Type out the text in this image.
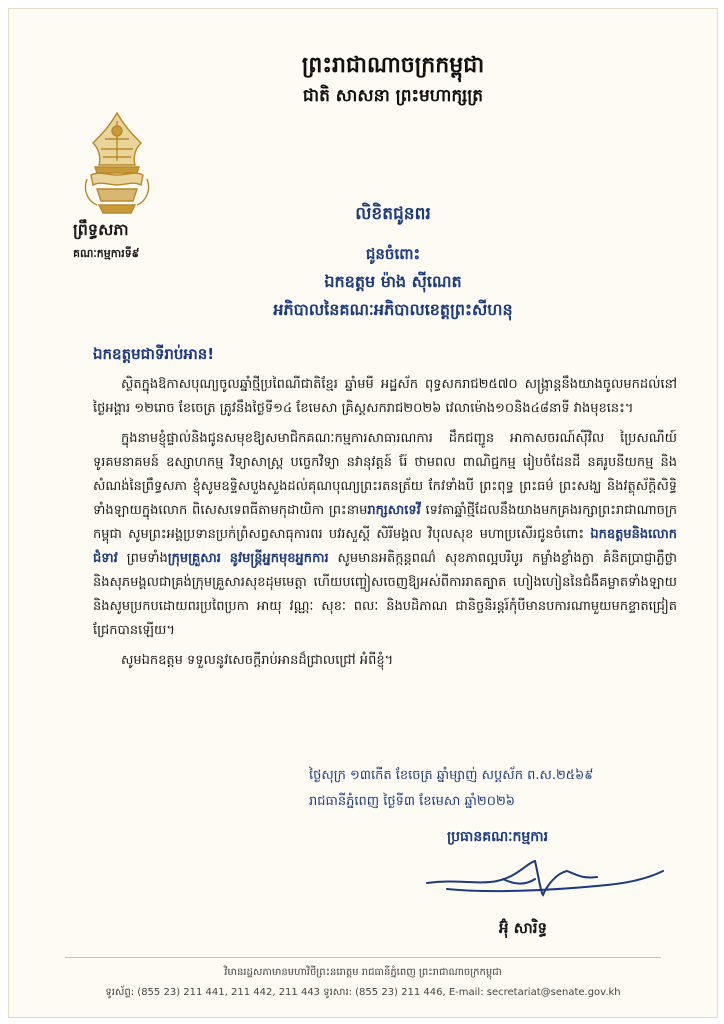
ព្រះរាជាណាចក្រកម្ពុជា
ជាតិ សាសនា ព្រះមហាក្សត្រ
ព្រឹទ្ធសភា
គណៈកម្មការទី៩
លិខិតជូនពរ
ជូនចំពោះ
ឯកឧត្តម ម៉ាង ស៊ីណេត
អភិបាលនៃគណៈអភិបាលខេត្តព្រះសីហនុ
ឯកឧត្តមជាទីរាប់អាន!

ស្ថិតក្នុងឱកាសបុណ្យចូលឆ្នាំថ្មីប្រពៃណីជាតិខ្មែរ ឆ្នាំមមី អដ្ឋស័ក ពុទ្ធសករាជ២៥៧០ សង្ក្រាន្តនឹងយាងចូលមកដល់នៅថ្ងៃអង្គារ ១២រោច ខែចេត្រ ត្រូវនឹងថ្ងៃទី១៤ ខែមេសា គ្រិស្តសករាជ២០២៦ វេលាម៉ោង១០និង៤៨នាទី វាងមុខនេះ។

ក្នុងនាមខ្ញុំផ្ទាល់និងជូនសមុខឱ្យសមាជិកគណៈកម្មការសាធារណការ ដឹកជញ្ជូន អាកាសចរណ៍ស៊ីវិល ប្រៃសណីយ៍ ទូរគមនាគមន៍ ឧស្សាហកម្ម វិទ្យាសាស្ត្រ បច្ចេកវិទ្យា នវានុវត្តន៍ រ៉ែ ថាមពល ពាណិជ្ជកម្ម រៀបចំដែនដី នគរូបនីយកម្ម និងសំណង់នៃព្រឹទ្ធសភា ខ្ញុំសូមឧទ្ទិសបួងសួងដល់គុណបុណ្យព្រះរតនត្រ័យ កែវទាំងបី ព្រះពុទ្ធ ព្រះធម៌ ព្រះសង្ឃ និងវត្ថុស័ក្តិសិទ្ធិទាំងឡាយក្នុងលោក ពិសេសទេពធីតាមកុដាយិកា ព្រះនាមរាក្សសាទេវី ទេវតាឆ្នាំថ្មីដែលនឹងយាងមកគ្រងរក្សាព្រះរាជាណាចក្រកម្ពុជា សូមព្រះអង្គប្រទានប្រក់ព្រំសព្វសាធុការពរ បវរសួស្តី សិរីមង្គល វិបុលសុខ មហាប្រសើរជូនចំពោះ ឯកឧត្តមនិងលោកជំទាវ ព្រមទាំងក្រុមគ្រួសារ នូវមន្ត្រីអ្នកមុខអ្នកការ សូមមានអតិក្កន្តពណ៌ សុខភាពល្អបរិបូរ កម្លាំងខ្លាំងក្លា គំនិតប្រាជ្ញាភ្លឺថ្លា និងសុភមង្គលជាគ្រង់ក្រុមគ្រួសារសុខដុមមេត្តា ហើយបញ្ចៀសចេញឱ្យអស់ពីការរាតត្បាត ហៀងហៀននៃជំងឺគម្លាតទាំងឡាយ និងសូមប្រកបដោយពរប្រពៃប្រកា អាយុ វណ្ណៈ សុខៈ ពលៈ និងបដិភាណ ជានិច្ចនិរន្តរ៍កុំបីមានបការណាមួយមកខ្ទាតជ្រៀតជ្រែកបានឡើយ។

សូមឯកឧត្តម ទទួលនូវសេចក្តីរាប់អានដ៏ជ្រាលជ្រៅ អំពីខ្ញុំ។

ថ្ងៃសុក្រ ១៣កើត ខែចេត្រ ឆ្នាំម្សាញ់ សប្តស័ក ព.ស.២៥៦៩
រាជធានីភ្នំពេញ ថ្ងៃទី៣ ខែមេសា ឆ្នាំ២០២៦
ប្រធានគណៈកម្មការ
អ៊ុំ សារិទ្ធ
វិមានរដ្ឋសភាមានមហាវិថីព្រះនរោត្តម រាជធានីភ្នំពេញ ព្រះរាជាណាចក្រកម្ពុជា
ទូរស័ព្ទ: (855 23) 211 441, 211 442, 211 443 ទូរសារ: (855 23) 211 446, E-mail: secretariat@senate.gov.kh
